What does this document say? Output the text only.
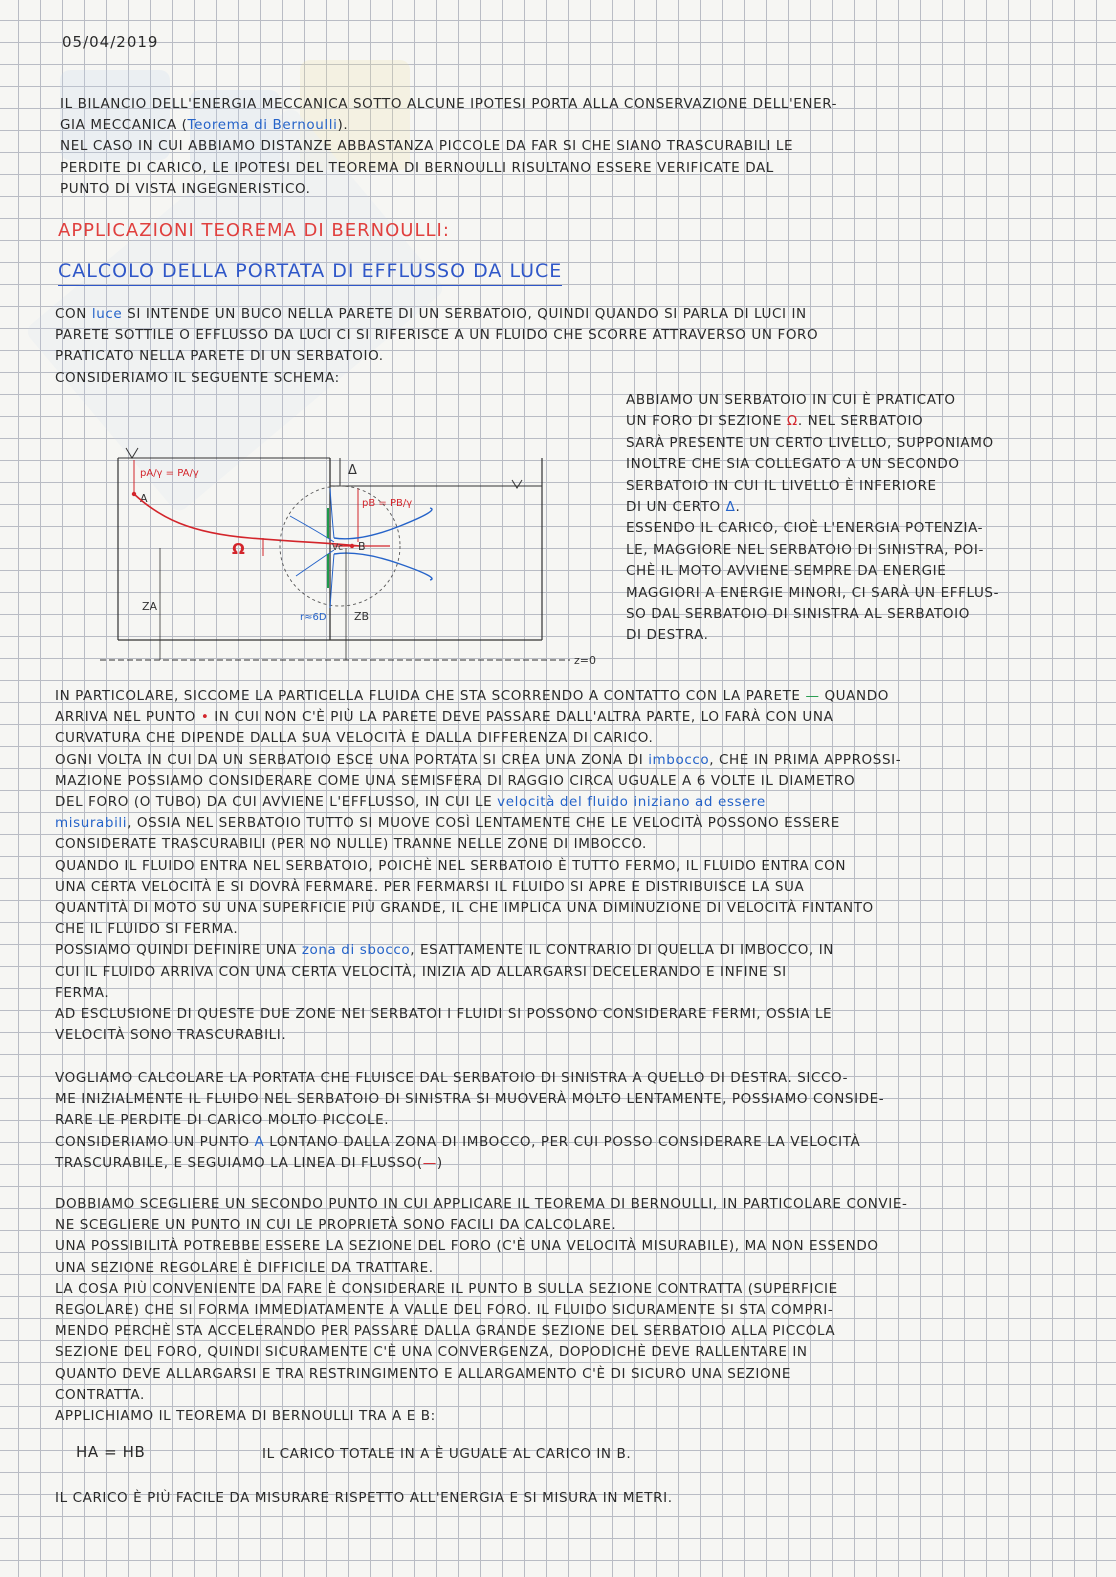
05/04/2019
IL BILANCIO DELL'ENERGIA MECCANICA SOTTO ALCUNE IPOTESI PORTA ALLA CONSERVAZIONE DELL'ENER-
GIA MECCANICA (Teorema di Bernoulli).
NEL CASO IN CUI ABBIAMO DISTANZE ABBASTANZA PICCOLE DA FAR SI CHE SIANO TRASCURABILI LE
PERDITE DI CARICO, LE IPOTESI DEL TEOREMA DI BERNOULLI RISULTANO ESSERE VERIFICATE DAL
PUNTO DI VISTA INGEGNERISTICO.
APPLICAZIONI TEOREMA DI BERNOULLI:
CALCOLO DELLA PORTATA DI EFFLUSSO DA LUCE
CON luce SI INTENDE UN BUCO NELLA PARETE DI UN SERBATOIO, QUINDI QUANDO SI PARLA DI LUCI IN
PARETE SOTTILE O EFFLUSSO DA LUCI CI SI RIFERISCE A UN FLUIDO CHE SCORRE ATTRAVERSO UN FORO
PRATICATO NELLA PARETE DI UN SERBATOIO.
CONSIDERIAMO IL SEGUENTE SCHEMA:
Δ
pA/γ = PA/γ
pB = PB/γ
A
Ω	B
Vc
r≈6D
ZA
ZB
z=0
ABBIAMO UN SERBATOIO IN CUI È PRATICATO
UN FORO DI SEZIONE Ω. NEL SERBATOIO
SARÀ PRESENTE UN CERTO LIVELLO, SUPPONIAMO
INOLTRE CHE SIA COLLEGATO A UN SECONDO
SERBATOIO IN CUI IL LIVELLO È INFERIORE
DI UN CERTO Δ.
ESSENDO IL CARICO, CIOÈ L'ENERGIA POTENZIA-
LE, MAGGIORE NEL SERBATOIO DI SINISTRA, POI-
CHÈ IL MOTO AVVIENE SEMPRE DA ENERGIE
MAGGIORI A ENERGIE MINORI, CI SARÀ UN EFFLUS-
SO DAL SERBATOIO DI SINISTRA AL SERBATOIO
DI DESTRA.
IN PARTICOLARE, SICCOME LA PARTICELLA FLUIDA CHE STA SCORRENDO A CONTATTO CON LA PARETE — QUANDO
ARRIVA NEL PUNTO • IN CUI NON C'È PIÙ LA PARETE DEVE PASSARE DALL'ALTRA PARTE, LO FARÀ CON UNA
CURVATURA CHE DIPENDE DALLA SUA VELOCITÀ E DALLA DIFFERENZA DI CARICO.
OGNI VOLTA IN CUI DA UN SERBATOIO ESCE UNA PORTATA SI CREA UNA ZONA DI imbocco, CHE IN PRIMA APPROSSI-
MAZIONE POSSIAMO CONSIDERARE COME UNA SEMISFERA DI RAGGIO CIRCA UGUALE A 6 VOLTE IL DIAMETRO
DEL FORO (O TUBO) DA CUI AVVIENE L'EFFLUSSO, IN CUI LE velocità del fluido iniziano ad essere
misurabili, OSSIA NEL SERBATOIO TUTTO SI MUOVE COSÌ LENTAMENTE CHE LE VELOCITÀ POSSONO ESSERE
CONSIDERATE TRASCURABILI (PER NO NULLE) TRANNE NELLE ZONE DI IMBOCCO.
QUANDO IL FLUIDO ENTRA NEL SERBATOIO, POICHÈ NEL SERBATOIO È TUTTO FERMO, IL FLUIDO ENTRA CON
UNA CERTA VELOCITÀ E SI DOVRÀ FERMARE. PER FERMARSI IL FLUIDO SI APRE E DISTRIBUISCE LA SUA
QUANTITÀ DI MOTO SU UNA SUPERFICIE PIÙ GRANDE, IL CHE IMPLICA UNA DIMINUZIONE DI VELOCITÀ FINTANTO
CHE IL FLUIDO SI FERMA.
POSSIAMO QUINDI DEFINIRE UNA zona di sbocco, ESATTAMENTE IL CONTRARIO DI QUELLA DI IMBOCCO, IN
CUI IL FLUIDO ARRIVA CON UNA CERTA VELOCITÀ, INIZIA AD ALLARGARSI DECELERANDO E INFINE SI
FERMA.
AD ESCLUSIONE DI QUESTE DUE ZONE NEI SERBATOI I FLUIDI SI POSSONO CONSIDERARE FERMI, OSSIA LE
VELOCITÀ SONO TRASCURABILI.
VOGLIAMO CALCOLARE LA PORTATA CHE FLUISCE DAL SERBATOIO DI SINISTRA A QUELLO DI DESTRA. SICCO-
ME INIZIALMENTE IL FLUIDO NEL SERBATOIO DI SINISTRA SI MUOVERÀ MOLTO LENTAMENTE, POSSIAMO CONSIDE-
RARE LE PERDITE DI CARICO MOLTO PICCOLE.
CONSIDERIAMO UN PUNTO A LONTANO DALLA ZONA DI IMBOCCO, PER CUI POSSO CONSIDERARE LA VELOCITÀ
TRASCURABILE, E SEGUIAMO LA LINEA DI FLUSSO(—)
DOBBIAMO SCEGLIERE UN SECONDO PUNTO IN CUI APPLICARE IL TEOREMA DI BERNOULLI, IN PARTICOLARE CONVIE-
NE SCEGLIERE UN PUNTO IN CUI LE PROPRIETÀ SONO FACILI DA CALCOLARE.
UNA POSSIBILITÀ POTREBBE ESSERE LA SEZIONE DEL FORO (C'È UNA VELOCITÀ MISURABILE), MA NON ESSENDO
UNA SEZIONE REGOLARE È DIFFICILE DA TRATTARE.
LA COSA PIÙ CONVENIENTE DA FARE È CONSIDERARE IL PUNTO B SULLA SEZIONE CONTRATTA (SUPERFICIE
REGOLARE) CHE SI FORMA IMMEDIATAMENTE A VALLE DEL FORO. IL FLUIDO SICURAMENTE SI STA COMPRI-
MENDO PERCHÈ STA ACCELERANDO PER PASSARE DALLA GRANDE SEZIONE DEL SERBATOIO ALLA PICCOLA
SEZIONE DEL FORO, QUINDI SICURAMENTE C'È UNA CONVERGENZA, DOPODICHÈ DEVE RALLENTARE IN
QUANTO DEVE ALLARGARSI E TRA RESTRINGIMENTO E ALLARGAMENTO C'È DI SICURO UNA SEZIONE
CONTRATTA.
APPLICHIAMO IL TEOREMA DI BERNOULLI TRA A E B:
HA = HB	IL CARICO TOTALE IN A È UGUALE AL CARICO IN B.
IL CARICO È PIÙ FACILE DA MISURARE RISPETTO ALL'ENERGIA E SI MISURA IN METRI.
